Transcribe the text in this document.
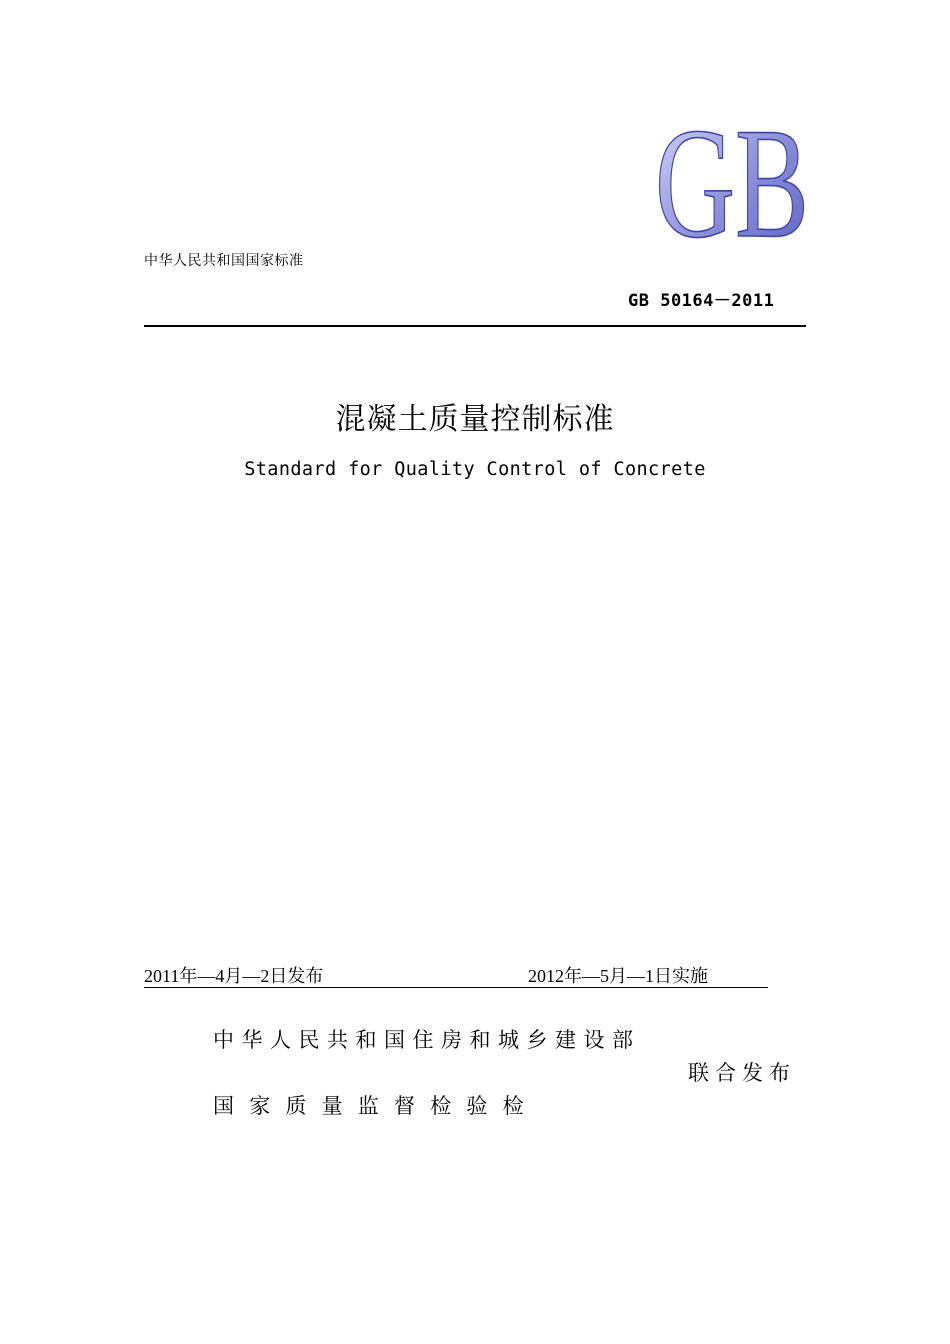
GB
中华人民共和国国家标准
GB 50164－2011
混凝土质量控制标准
Standard for Quality Control of Concrete
2011年—4月—2日发布	2012年—5月—1日实施
中华人民共和国住房和城乡建设部
联合发布
国家质量监督检验检
